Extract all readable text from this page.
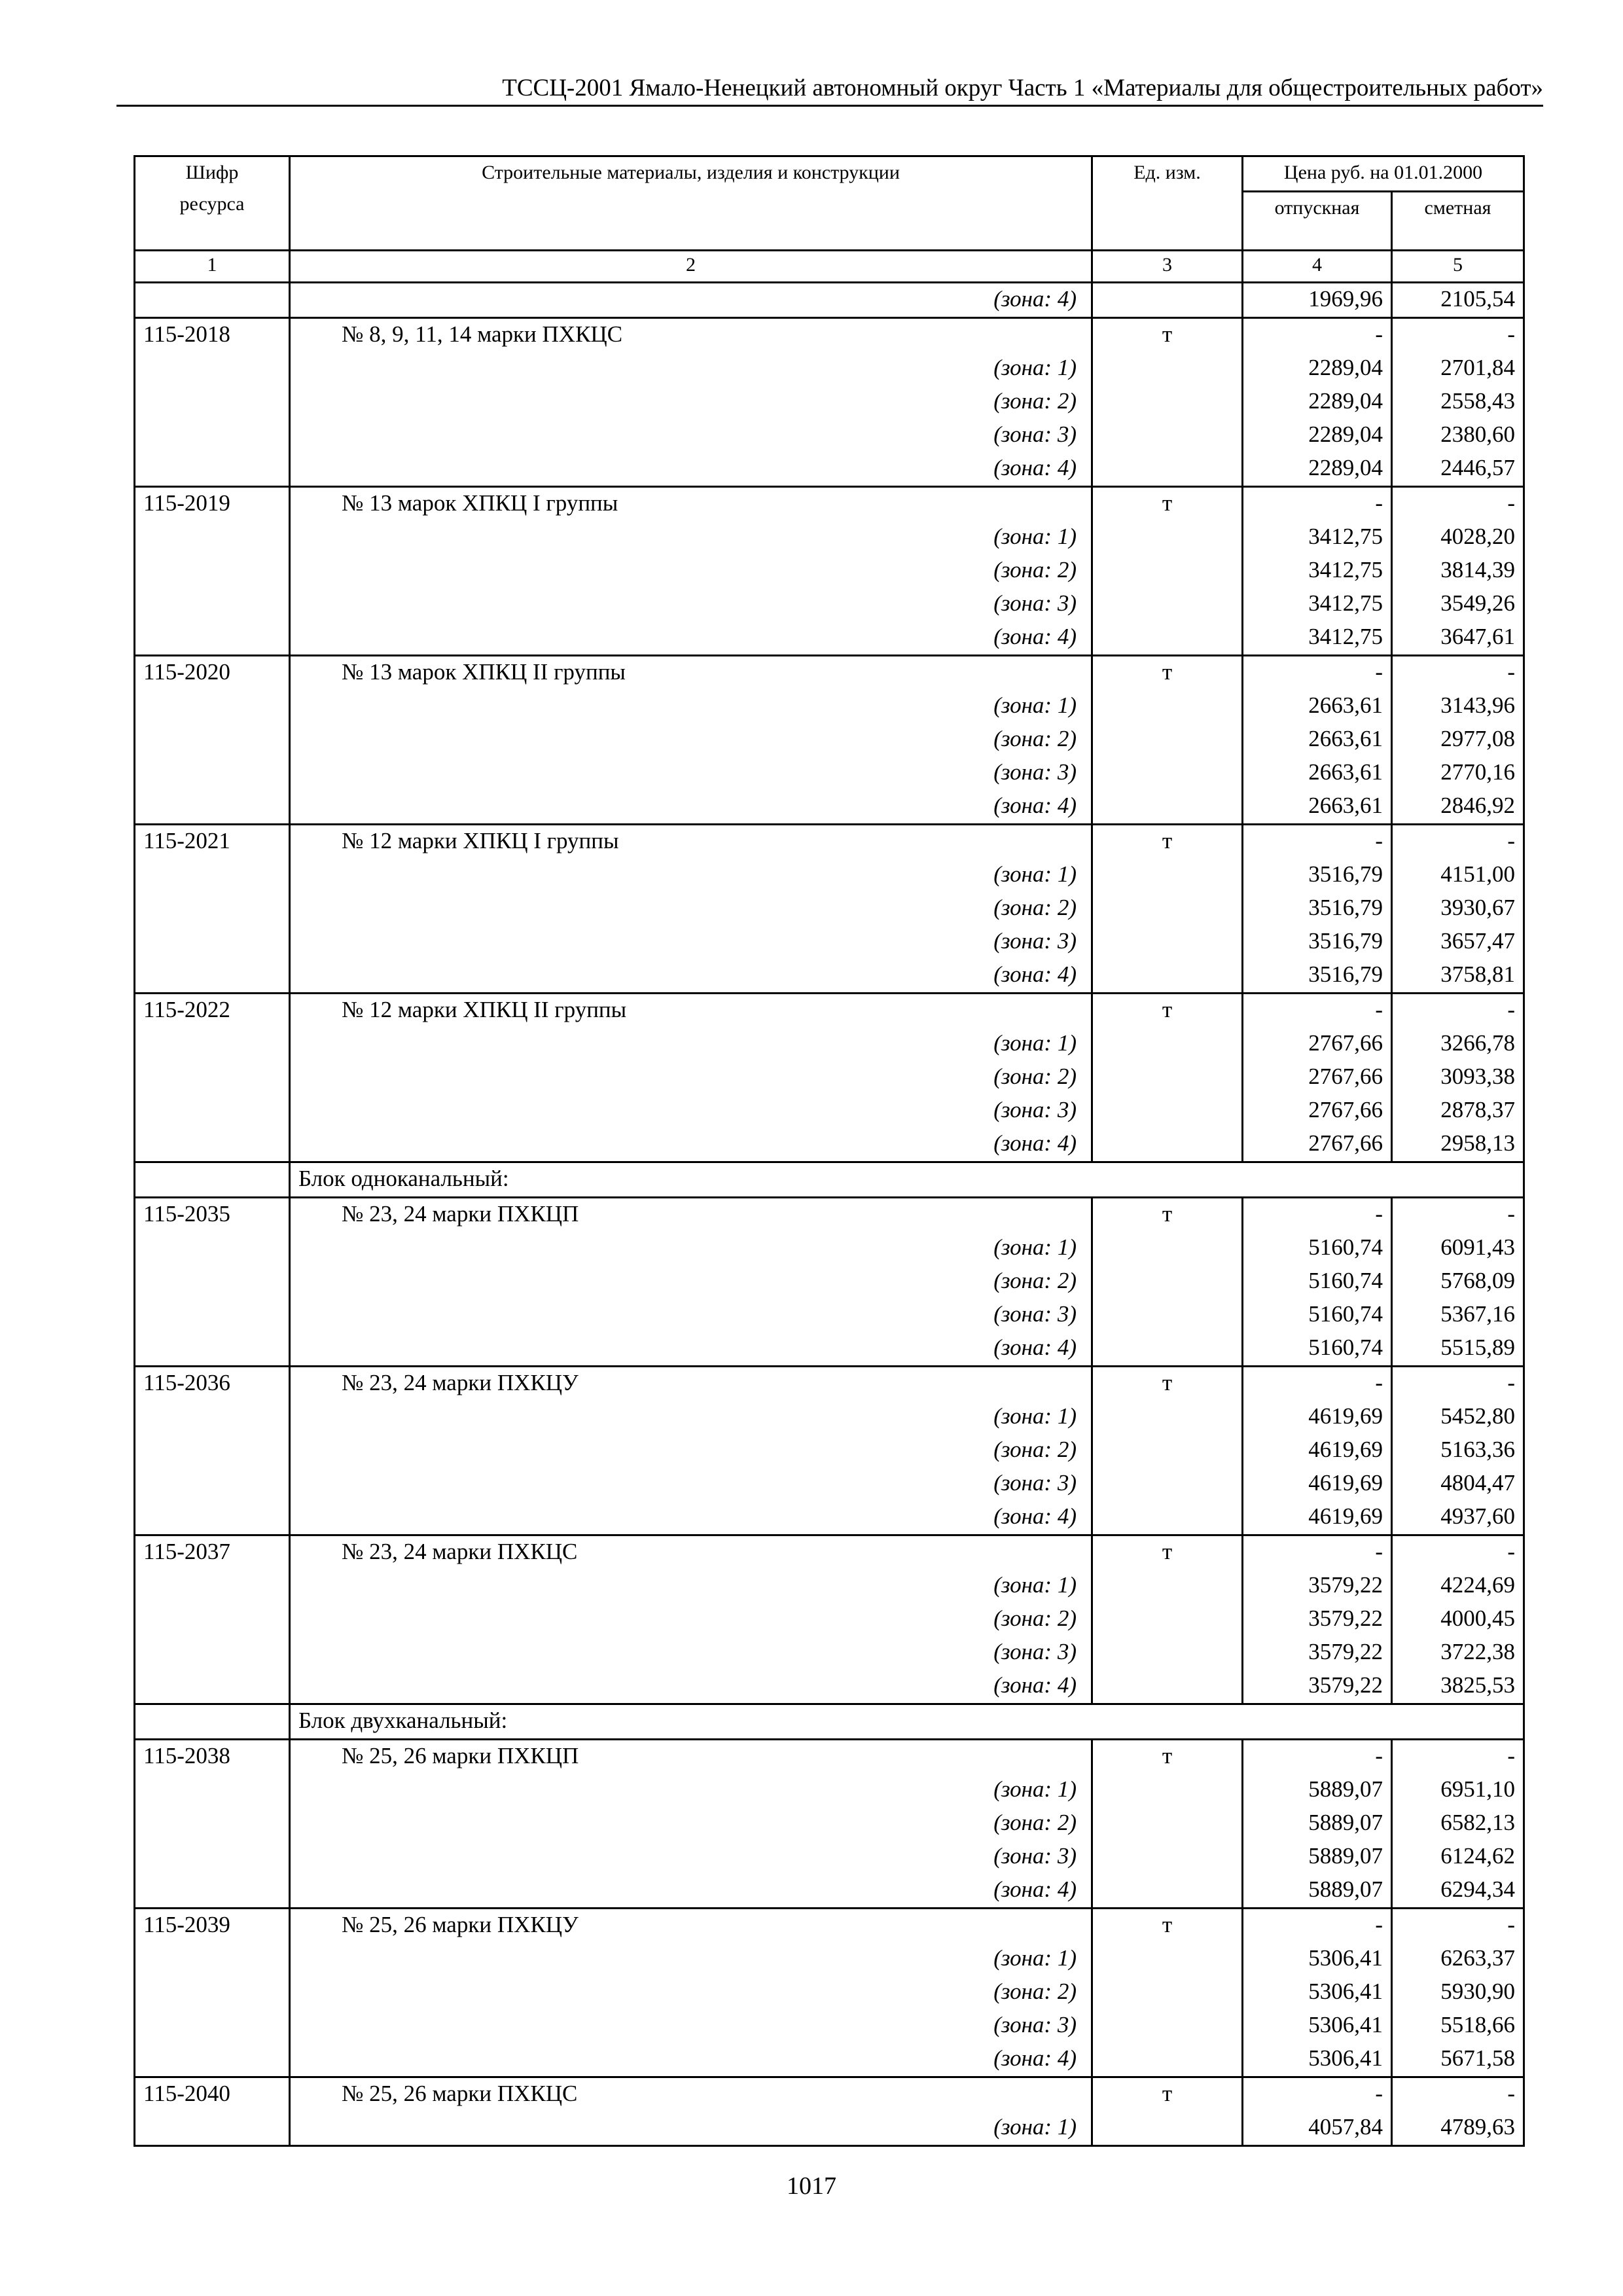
ТССЦ-2001 Ямало-Ненецкий автономный округ Часть 1 «Материалы для общестроительных работ»
Шифр ресурса	Строительные материалы, изделия и конструкции	Ед. изм.	Цена руб. на 01.01.2000	
			отпускная	сметная
1	2	3	4	5
	(зона: 4)		1969,96	2105,54
115-2018	№ 8, 9, 11, 14 марки ПХКЦС	т	-	-
	(зона: 1)		2289,04	2701,84
	(зона: 2)		2289,04	2558,43
	(зона: 3)		2289,04	2380,60
	(зона: 4)		2289,04	2446,57
115-2019	№ 13 марок ХПКЦ I группы	т	-	-
	(зона: 1)		3412,75	4028,20
	(зона: 2)		3412,75	3814,39
	(зона: 3)		3412,75	3549,26
	(зона: 4)		3412,75	3647,61
115-2020	№ 13 марок ХПКЦ II группы	т	-	-
	(зона: 1)		2663,61	3143,96
	(зона: 2)		2663,61	2977,08
	(зона: 3)		2663,61	2770,16
	(зона: 4)		2663,61	2846,92
115-2021	№ 12 марки ХПКЦ I группы	т	-	-
	(зона: 1)		3516,79	4151,00
	(зона: 2)		3516,79	3930,67
	(зона: 3)		3516,79	3657,47
	(зона: 4)		3516,79	3758,81
115-2022	№ 12 марки ХПКЦ II группы	т	-	-
	(зона: 1)		2767,66	3266,78
	(зона: 2)		2767,66	3093,38
	(зона: 3)		2767,66	2878,37
	(зона: 4)		2767,66	2958,13
	Блок одноканальный:			
115-2035	№ 23, 24 марки ПХКЦП	т	-	-
	(зона: 1)		5160,74	6091,43
	(зона: 2)		5160,74	5768,09
	(зона: 3)		5160,74	5367,16
	(зона: 4)		5160,74	5515,89
115-2036	№ 23, 24 марки ПХКЦУ	т	-	-
	(зона: 1)		4619,69	5452,80
	(зона: 2)		4619,69	5163,36
	(зона: 3)		4619,69	4804,47
	(зона: 4)		4619,69	4937,60
115-2037	№ 23, 24 марки ПХКЦС	т	-	-
	(зона: 1)		3579,22	4224,69
	(зона: 2)		3579,22	4000,45
	(зона: 3)		3579,22	3722,38
	(зона: 4)		3579,22	3825,53
	Блок двухканальный:			
115-2038	№ 25, 26 марки ПХКЦП	т	-	-
	(зона: 1)		5889,07	6951,10
	(зона: 2)		5889,07	6582,13
	(зона: 3)		5889,07	6124,62
	(зона: 4)		5889,07	6294,34
115-2039	№ 25, 26 марки ПХКЦУ	т	-	-
	(зона: 1)		5306,41	6263,37
	(зона: 2)		5306,41	5930,90
	(зона: 3)		5306,41	5518,66
	(зона: 4)		5306,41	5671,58
115-2040	№ 25, 26 марки ПХКЦС	т	-	-
	(зона: 1)		4057,84	4789,63
1017
